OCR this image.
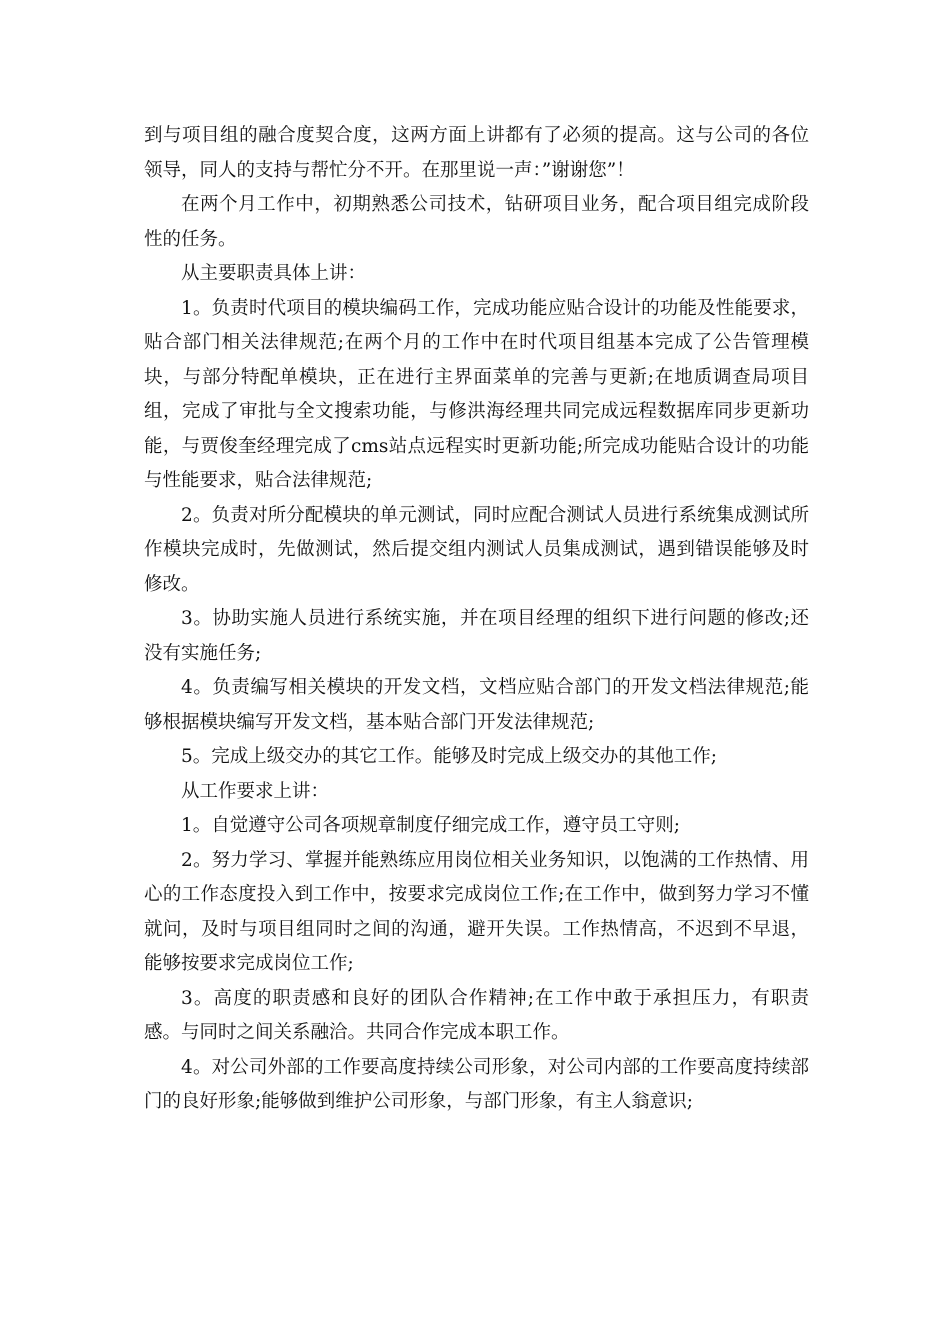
到与项目组的融合度契合度，这两方面上讲都有了必须的提高。这与公司的各位领导，同人的支持与帮忙分不开。在那里说一声：”谢谢您”！

在两个月工作中，初期熟悉公司技术，钻研项目业务，配合项目组完成阶段性的任务。

从主要职责具体上讲：

1。负责时代项目的模块编码工作，完成功能应贴合设计的功能及性能要求，贴合部门相关法律规范;在两个月的工作中在时代项目组基本完成了公告管理模块，与部分特配单模块，正在进行主界面菜单的完善与更新;在地质调查局项目组，完成了审批与全文搜索功能，与修洪海经理共同完成远程数据库同步更新功能，与贾俊奎经理完成了cms站点远程实时更新功能;所完成功能贴合设计的功能与性能要求，贴合法律规范;

2。负责对所分配模块的单元测试，同时应配合测试人员进行系统集成测试所作模块完成时，先做测试，然后提交组内测试人员集成测试，遇到错误能够及时修改。

3。协助实施人员进行系统实施，并在项目经理的组织下进行问题的修改;还没有实施任务;

4。负责编写相关模块的开发文档，文档应贴合部门的开发文档法律规范;能够根据模块编写开发文档，基本贴合部门开发法律规范;

5。完成上级交办的其它工作。能够及时完成上级交办的其他工作;

从工作要求上讲：

1。自觉遵守公司各项规章制度仔细完成工作，遵守员工守则;

2。努力学习、掌握并能熟练应用岗位相关业务知识，以饱满的工作热情、用心的工作态度投入到工作中，按要求完成岗位工作;在工作中，做到努力学习不懂就问，及时与项目组同时之间的沟通，避开失误。工作热情高，不迟到不早退，能够按要求完成岗位工作;

3。高度的职责感和良好的团队合作精神;在工作中敢于承担压力，有职责感。与同时之间关系融洽。共同合作完成本职工作。

4。对公司外部的工作要高度持续公司形象，对公司内部的工作要高度持续部门的良好形象;能够做到维护公司形象，与部门形象，有主人翁意识;
